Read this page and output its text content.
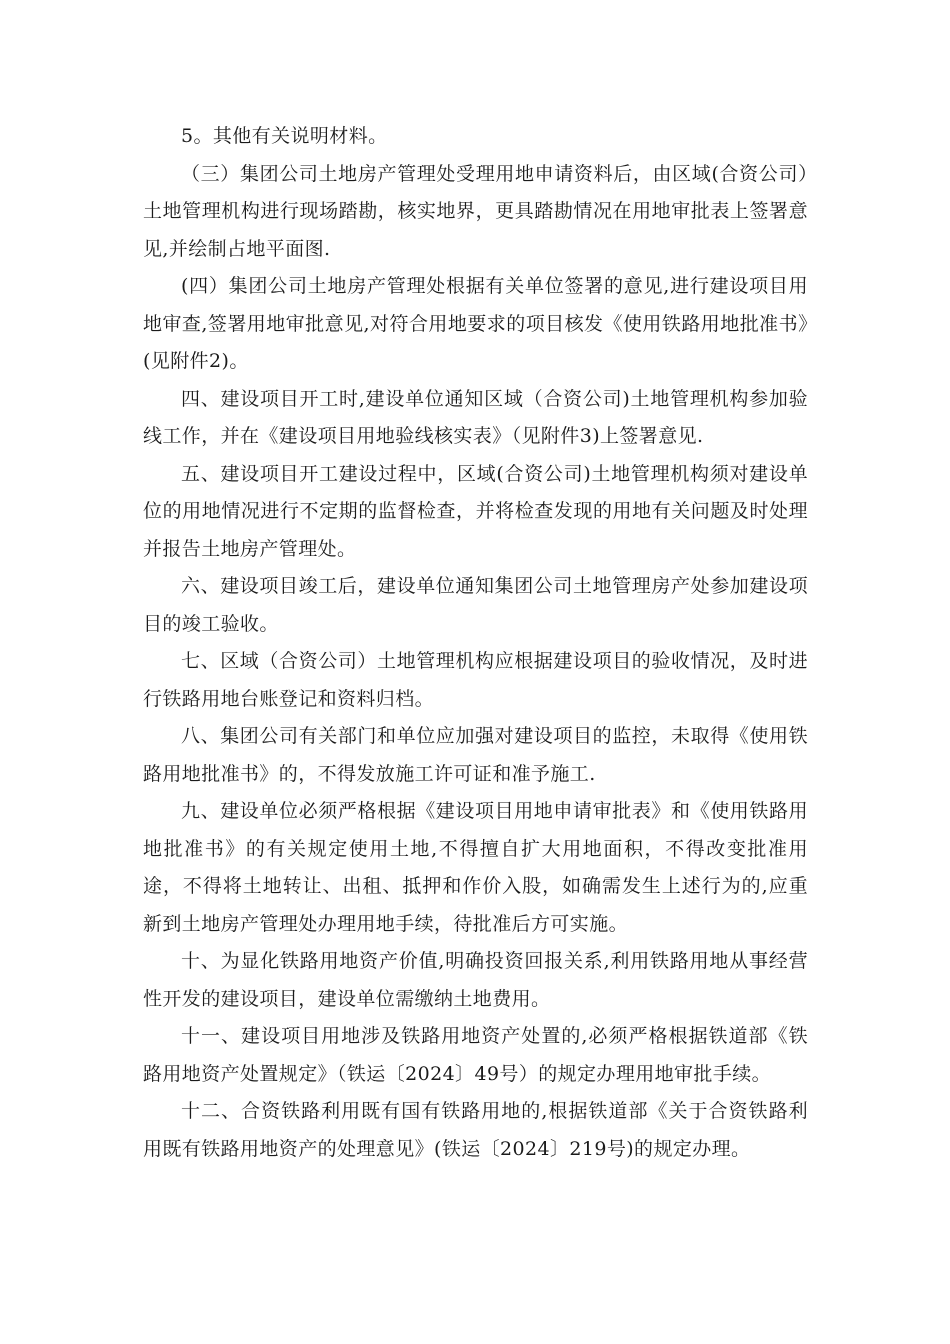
5。其他有关说明材料。

（三）集团公司土地房产管理处受理用地申请资料后，由区域(合资公司）土地管理机构进行现场踏勘，核实地界，更具踏勘情况在用地审批表上签署意见,并绘制占地平面图.

(四）集团公司土地房产管理处根据有关单位签署的意见,进行建设项目用地审查,签署用地审批意见,对符合用地要求的项目核发《使用铁路用地批准书》(见附件2)。

四、建设项目开工时,建设单位通知区域（合资公司)土地管理机构参加验线工作，并在《建设项目用地验线核实表》（见附件3)上签署意见.

五、建设项目开工建设过程中，区域(合资公司)土地管理机构须对建设单位的用地情况进行不定期的监督检查，并将检查发现的用地有关问题及时处理并报告土地房产管理处。

六、建设项目竣工后，建设单位通知集团公司土地管理房产处参加建设项目的竣工验收。

七、区域（合资公司）土地管理机构应根据建设项目的验收情况，及时进行铁路用地台账登记和资料归档。

八、集团公司有关部门和单位应加强对建设项目的监控，未取得《使用铁路用地批准书》的，不得发放施工许可证和准予施工.

九、建设单位必须严格根据《建设项目用地申请审批表》和《使用铁路用地批准书》的有关规定使用土地,不得擅自扩大用地面积，不得改变批准用途，不得将土地转让、出租、抵押和作价入股，如确需发生上述行为的,应重新到土地房产管理处办理用地手续，待批准后方可实施。

十、为显化铁路用地资产价值,明确投资回报关系,利用铁路用地从事经营性开发的建设项目，建设单位需缴纳土地费用。

十一、建设项目用地涉及铁路用地资产处置的,必须严格根据铁道部《铁路用地资产处置规定》（铁运〔2024〕49号）的规定办理用地审批手续。

十二、合资铁路利用既有国有铁路用地的,根据铁道部《关于合资铁路利用既有铁路用地资产的处理意见》(铁运〔2024〕219号)的规定办理。
